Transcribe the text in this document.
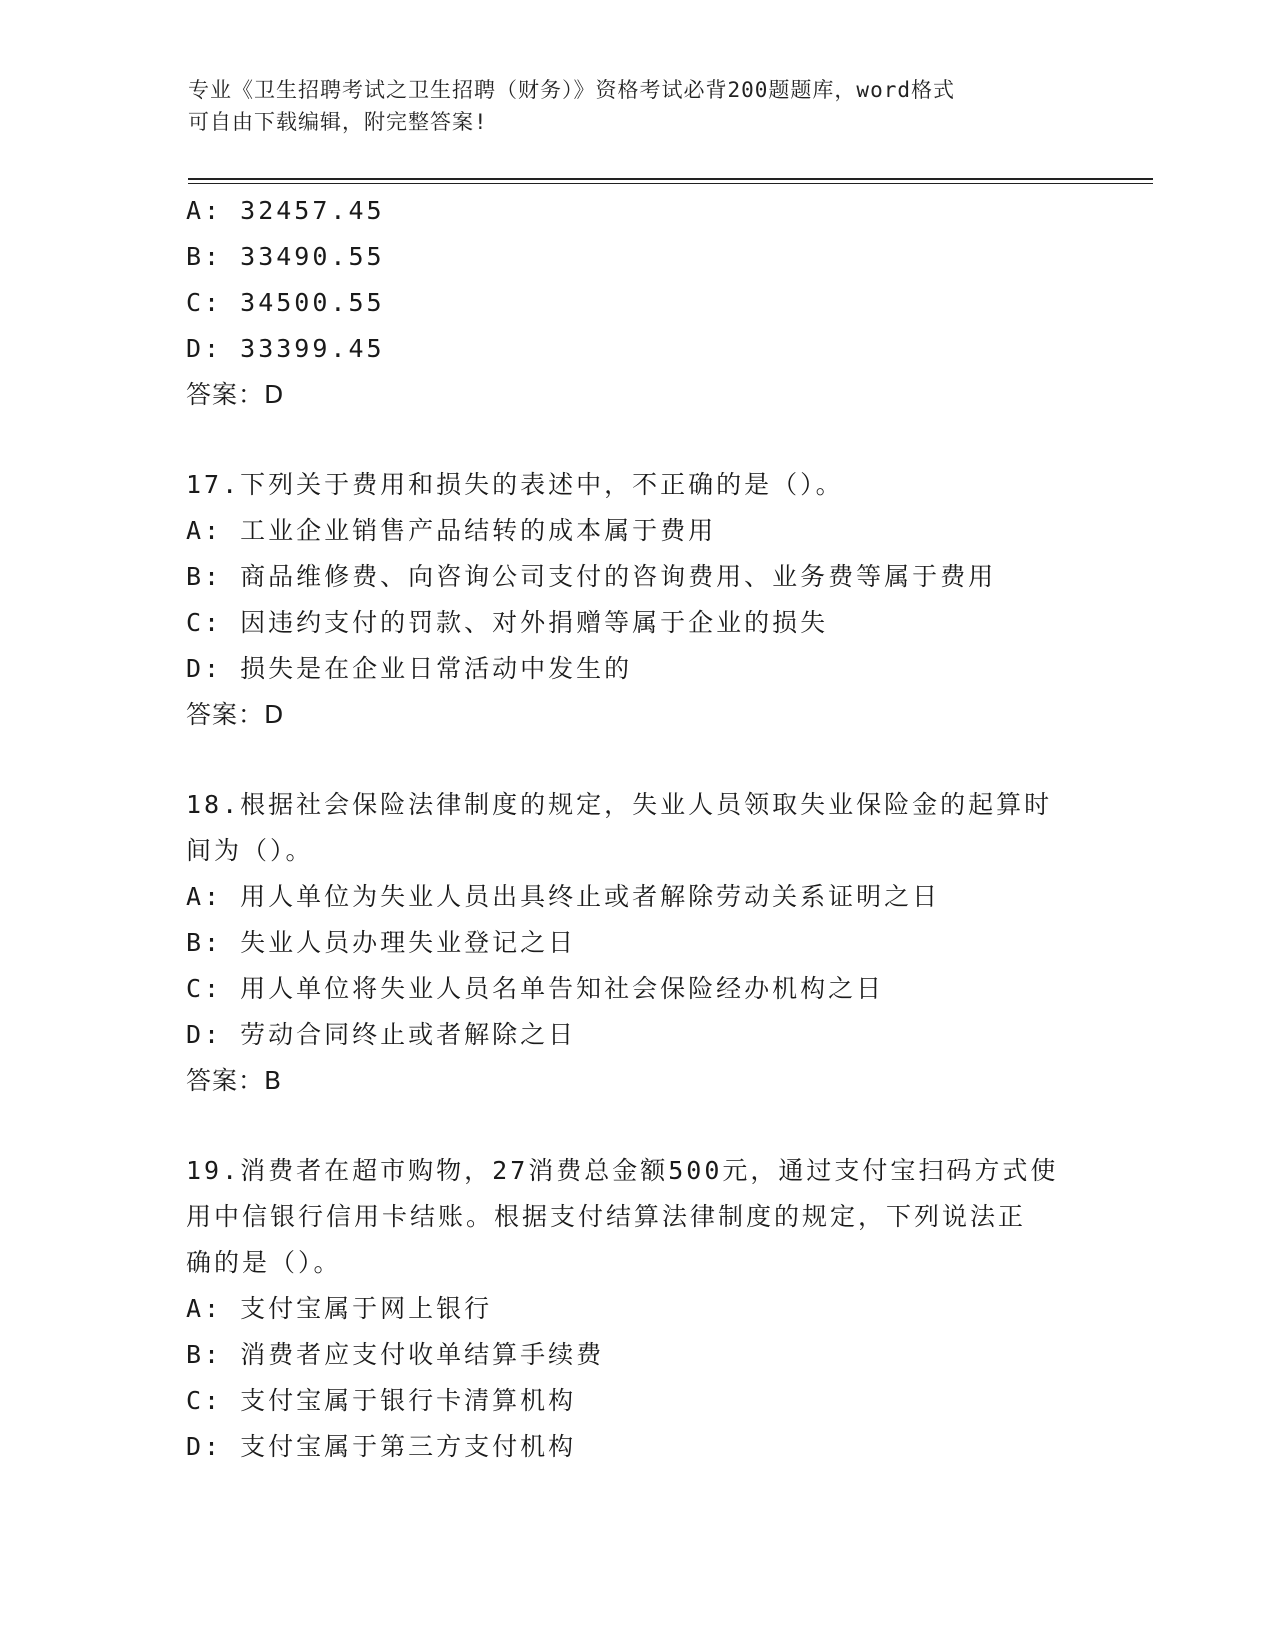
专业《卫生招聘考试之卫生招聘（财务）》资格考试必背200题题库，word格式
可自由下载编辑，附完整答案!
A: 32457.45
B: 33490.55
C: 34500.55
D: 33399.45
答案：D
17.下列关于费用和损失的表述中，不正确的是（）。
A: 工业企业销售产品结转的成本属于费用
B: 商品维修费、向咨询公司支付的咨询费用、业务费等属于费用
C: 因违约支付的罚款、对外捐赠等属于企业的损失
D: 损失是在企业日常活动中发生的
答案：D
18.根据社会保险法律制度的规定，失业人员领取失业保险金的起算时
间为（）。
A: 用人单位为失业人员出具终止或者解除劳动关系证明之日
B: 失业人员办理失业登记之日
C: 用人单位将失业人员名单告知社会保险经办机构之日
D: 劳动合同终止或者解除之日
答案：B
19.消费者在超市购物，27消费总金额500元，通过支付宝扫码方式使
用中信银行信用卡结账。根据支付结算法律制度的规定，下列说法正
确的是（）。
A: 支付宝属于网上银行
B: 消费者应支付收单结算手续费
C: 支付宝属于银行卡清算机构
D: 支付宝属于第三方支付机构
